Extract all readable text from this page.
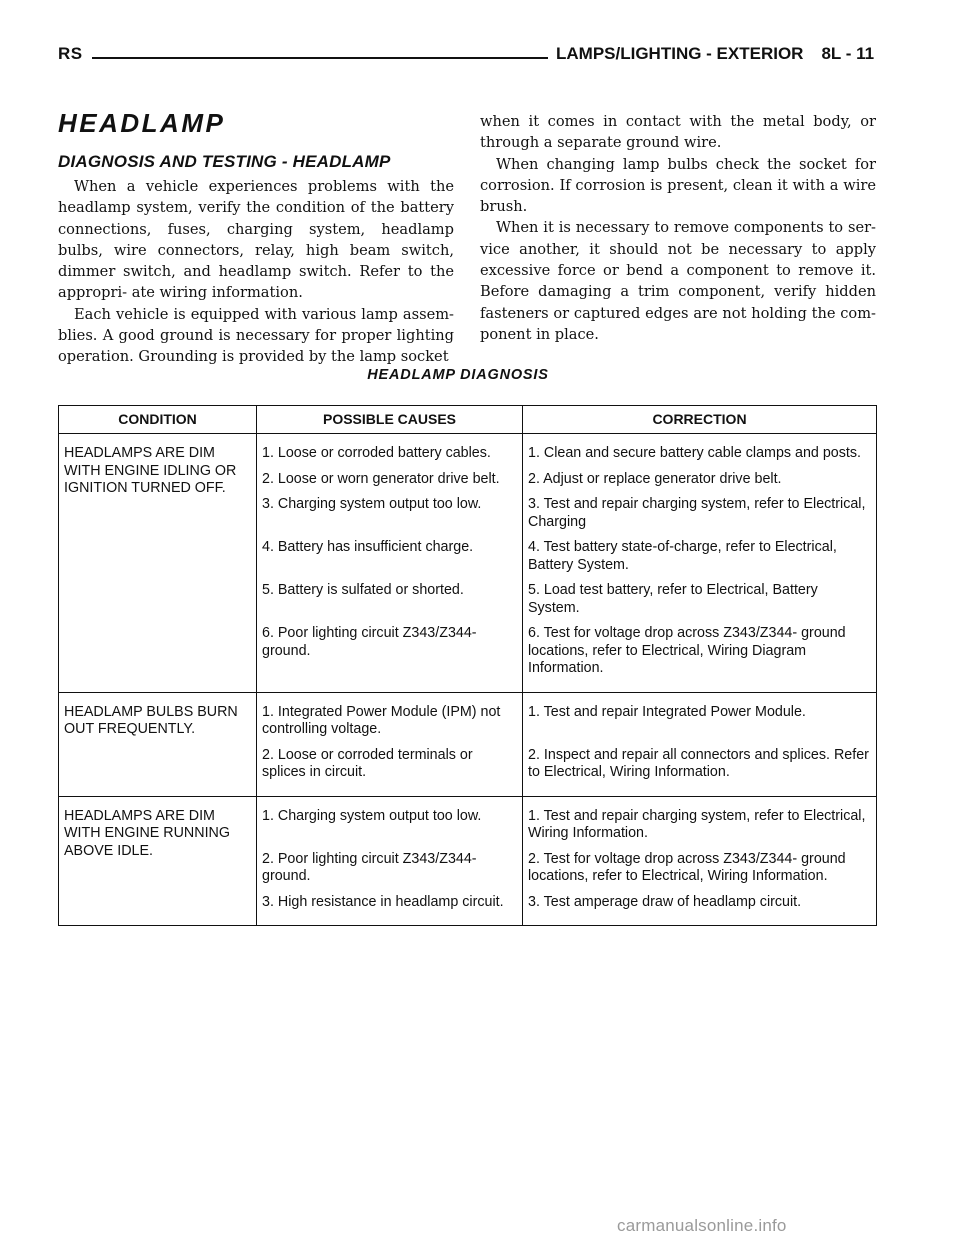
RS	LAMPS/LIGHTING - EXTERIOR 8L - 11
HEADLAMP
DIAGNOSIS AND TESTING - HEADLAMP

When a vehicle experiences problems with the headlamp system, verify the condition of the battery connections, fuses, charging system, headlamp bulbs, wire connectors, relay, high beam switch, dimmer switch, and headlamp switch. Refer to the appropri- ate wiring information.

Each vehicle is equipped with various lamp assem- blies. A good ground is necessary for proper lighting operation. Grounding is provided by the lamp socket

when it comes in contact with the metal body, or through a separate ground wire.

When changing lamp bulbs check the socket for corrosion. If corrosion is present, clean it with a wire brush.

When it is necessary to remove components to ser- vice another, it should not be necessary to apply excessive force or bend a component to remove it. Before damaging a trim component, verify hidden fasteners or captured edges are not holding the com- ponent in place.

HEADLAMP DIAGNOSIS
CONDITION	POSSIBLE CAUSES	CORRECTION
HEADLAMPS ARE DIM WITH ENGINE IDLING OR IGNITION TURNED OFF.	1. Loose or corroded battery cables.	1. Clean and secure battery cable clamps and posts.
	2. Loose or worn generator drive belt.	2. Adjust or replace generator drive belt.
	3. Charging system output too low.	3. Test and repair charging system, refer to Electrical, Charging
	4. Battery has insufficient charge.	4. Test battery state-of-charge, refer to Electrical, Battery System.
	5. Battery is sulfated or shorted.	5. Load test battery, refer to Electrical, Battery System.
	6. Poor lighting circuit Z343/Z344- ground.	6. Test for voltage drop across Z343/Z344- ground locations, refer to Electrical, Wiring Diagram Information.
HEADLAMP BULBS BURN OUT FREQUENTLY.	1. Integrated Power Module (IPM) not controlling voltage.	1. Test and repair Integrated Power Module.
	2. Loose or corroded terminals or splices in circuit.	2. Inspect and repair all connectors and splices. Refer to Electrical, Wiring Information.
HEADLAMPS ARE DIM WITH ENGINE RUNNING ABOVE IDLE.	1. Charging system output too low.	1. Test and repair charging system, refer to Electrical, Wiring Information.
	2. Poor lighting circuit Z343/Z344- ground.	2. Test for voltage drop across Z343/Z344- ground locations, refer to Electrical, Wiring Information.
	3. High resistance in headlamp circuit.	3. Test amperage draw of headlamp circuit.
carmanualsonline.info
